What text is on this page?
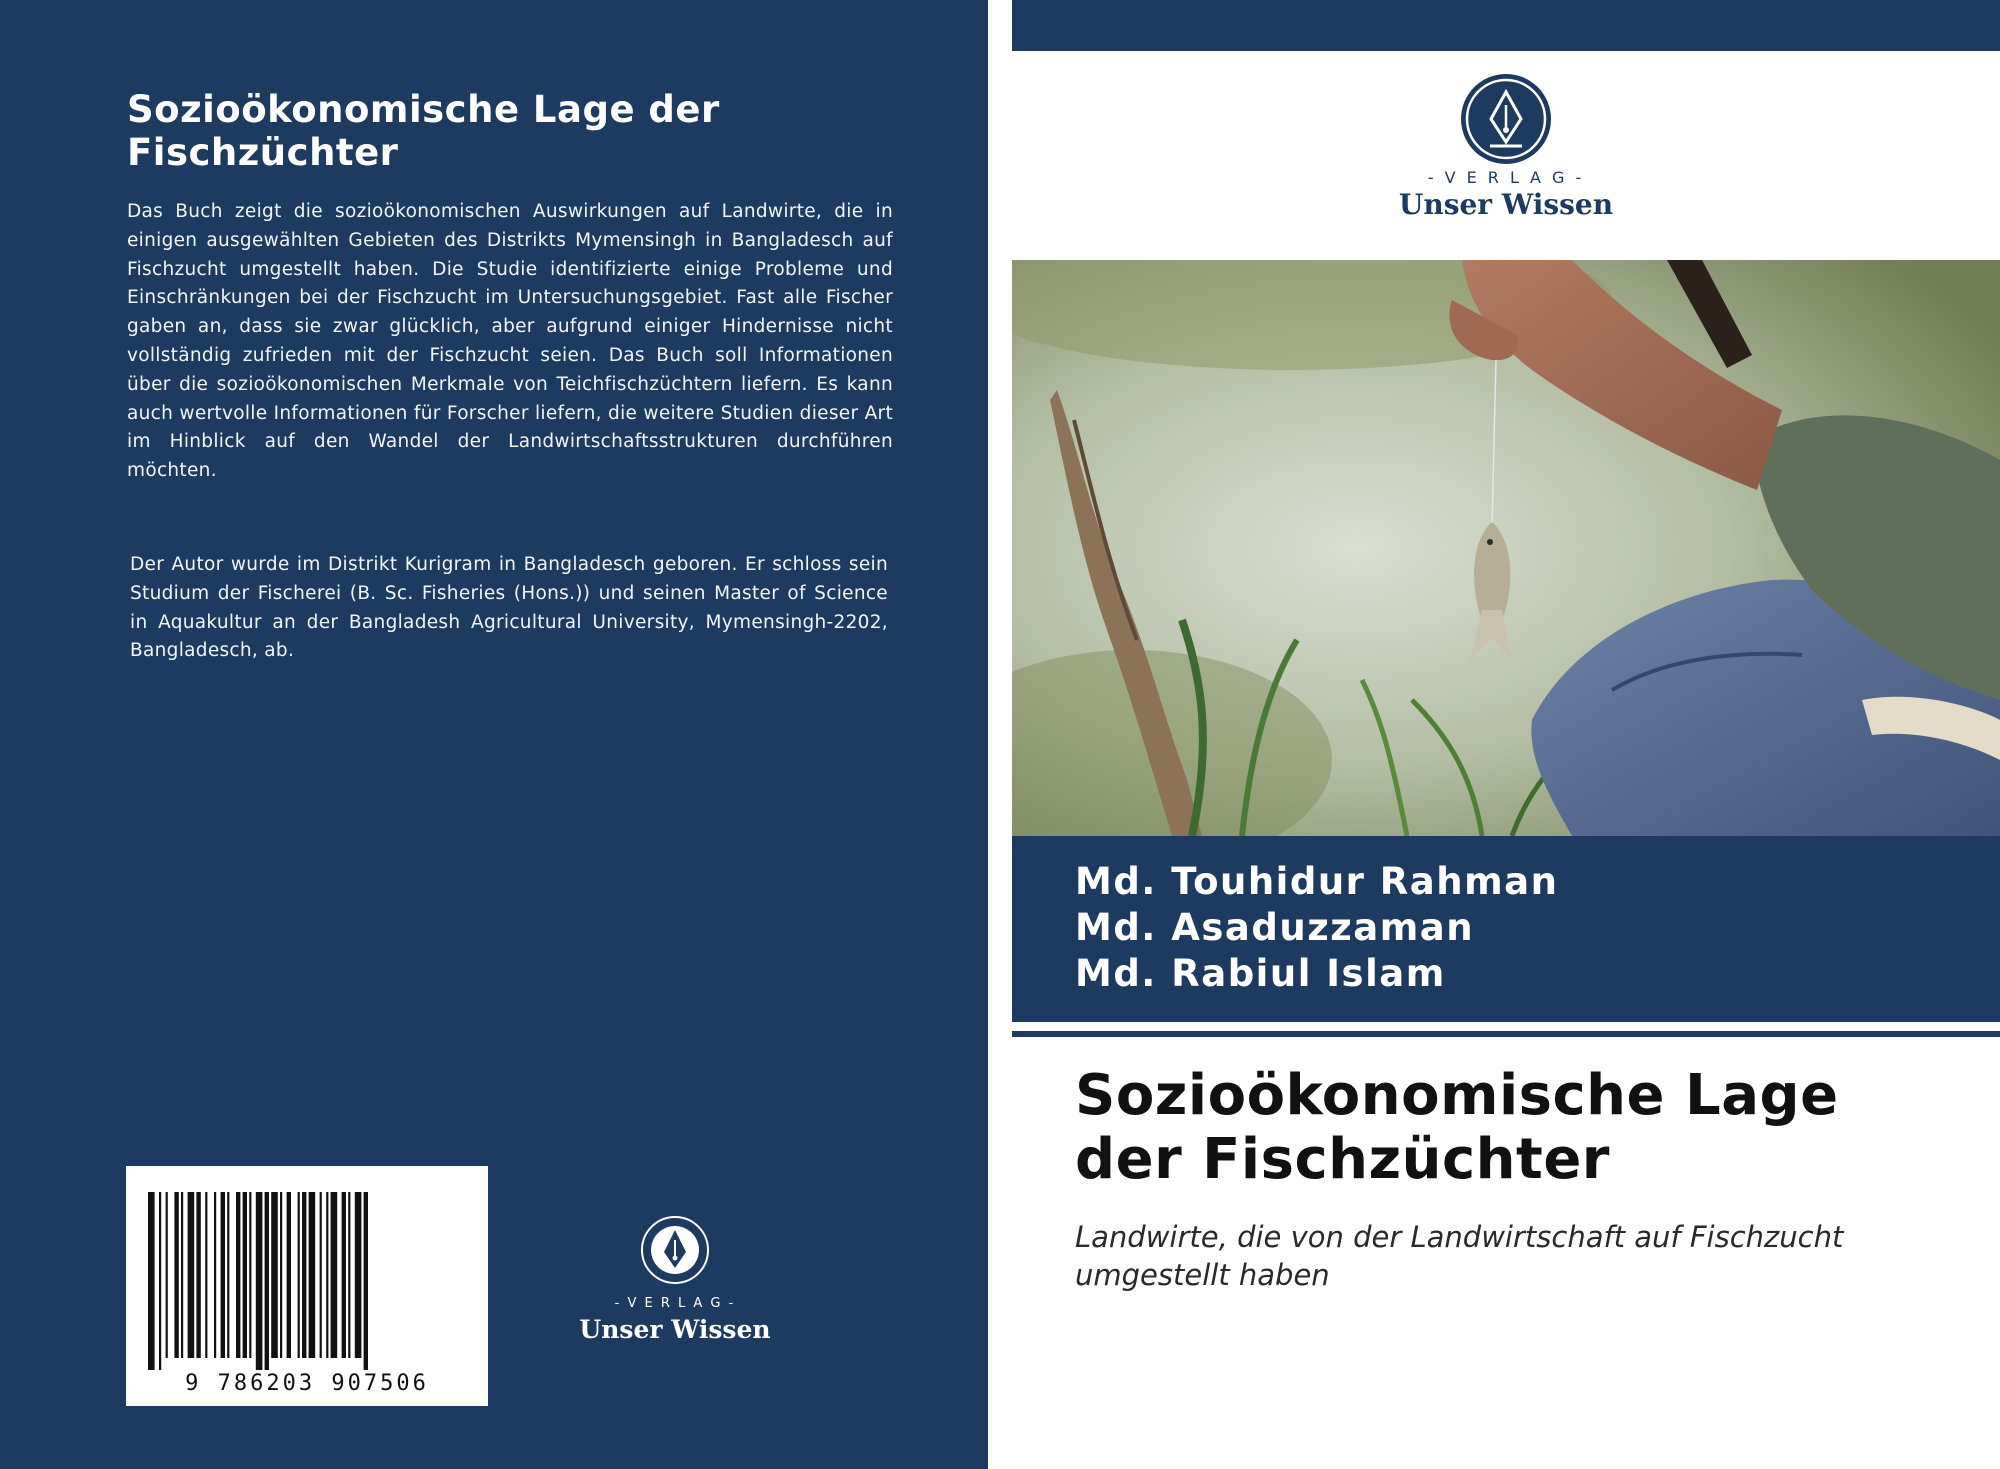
Sozioökonomische Lage der Fischzüchter
Das Buch zeigt die sozioökonomischen Auswirkungen auf Landwirte, die in einigen ausgewählten Gebieten des Distrikts Mymensingh in Bangladesch auf Fischzucht umgestellt haben. Die Studie identifizierte einige Probleme und Einschränkungen bei der Fischzucht im Untersuchungsgebiet. Fast alle Fischer gaben an, dass sie zwar glücklich, aber aufgrund einiger Hindernisse nicht vollständig zufrieden mit der Fischzucht seien. Das Buch soll Informationen über die sozioökonomischen Merkmale von Teichfischzüchtern liefern. Es kann auch wertvolle Informationen für Forscher liefern, die weitere Studien dieser Art im Hinblick auf den Wandel der Landwirtschaftsstrukturen durchführen möchten.
Der Autor wurde im Distrikt Kurigram in Bangladesch geboren. Er schloss sein Studium der Fischerei (B. Sc. Fisheries (Hons.)) und seinen Master of Science in Aquakultur an der Bangladesh Agricultural University, Mymensingh-2202, Bangladesch, ab.
9 786203 907506
- V E R L A G -
Unser Wissen
- V E R L A G -
Unser Wissen
Md. Touhidur Rahman
Md. Asaduzzaman
Md. Rabiul Islam
Sozioökonomische Lage
der Fischzüchter
Landwirte, die von der Landwirtschaft auf Fischzucht umgestellt haben
